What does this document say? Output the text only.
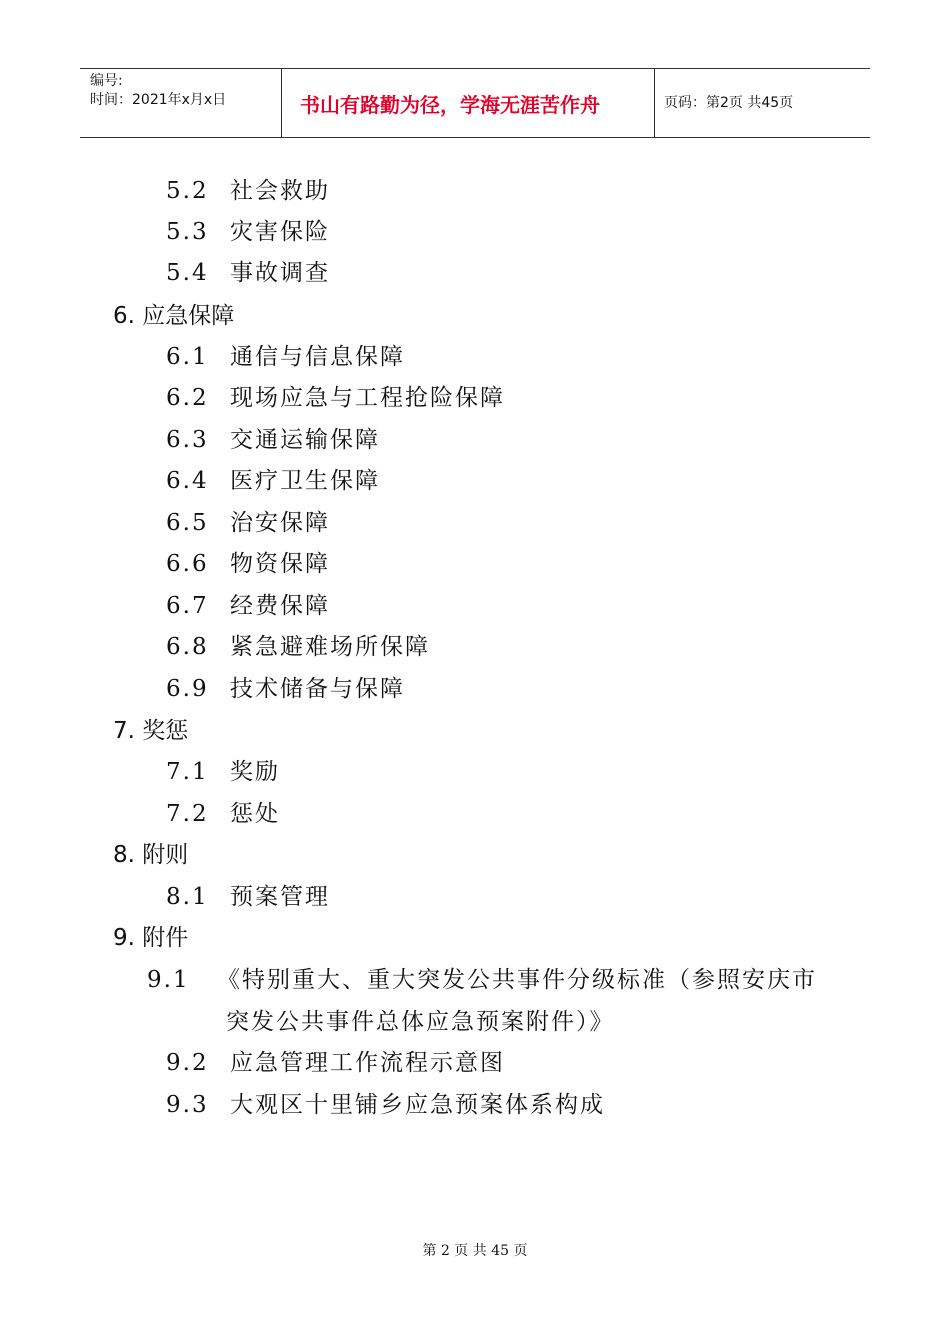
编号:
时间：2021年x月x日	书山有路勤为径，学海无涯苦作舟	页码：第2页 共45页
5.2 社会救助
5.3 灾害保险
5.4 事故调查
6. 应急保障
6.1 通信与信息保障
6.2 现场应急与工程抢险保障
6.3 交通运输保障
6.4 医疗卫生保障
6.5 治安保障
6.6 物资保障
6.7 经费保障
6.8 紧急避难场所保障
6.9 技术储备与保障
7. 奖惩
7.1 奖励
7.2 惩处
8. 附则
8.1 预案管理
9. 附件
9.1 《特别重大、重大突发公共事件分级标准（参照安庆市
突发公共事件总体应急预案附件）》
9.2 应急管理工作流程示意图
9.3 大观区十里铺乡应急预案体系构成
第 2 页 共 45 页
